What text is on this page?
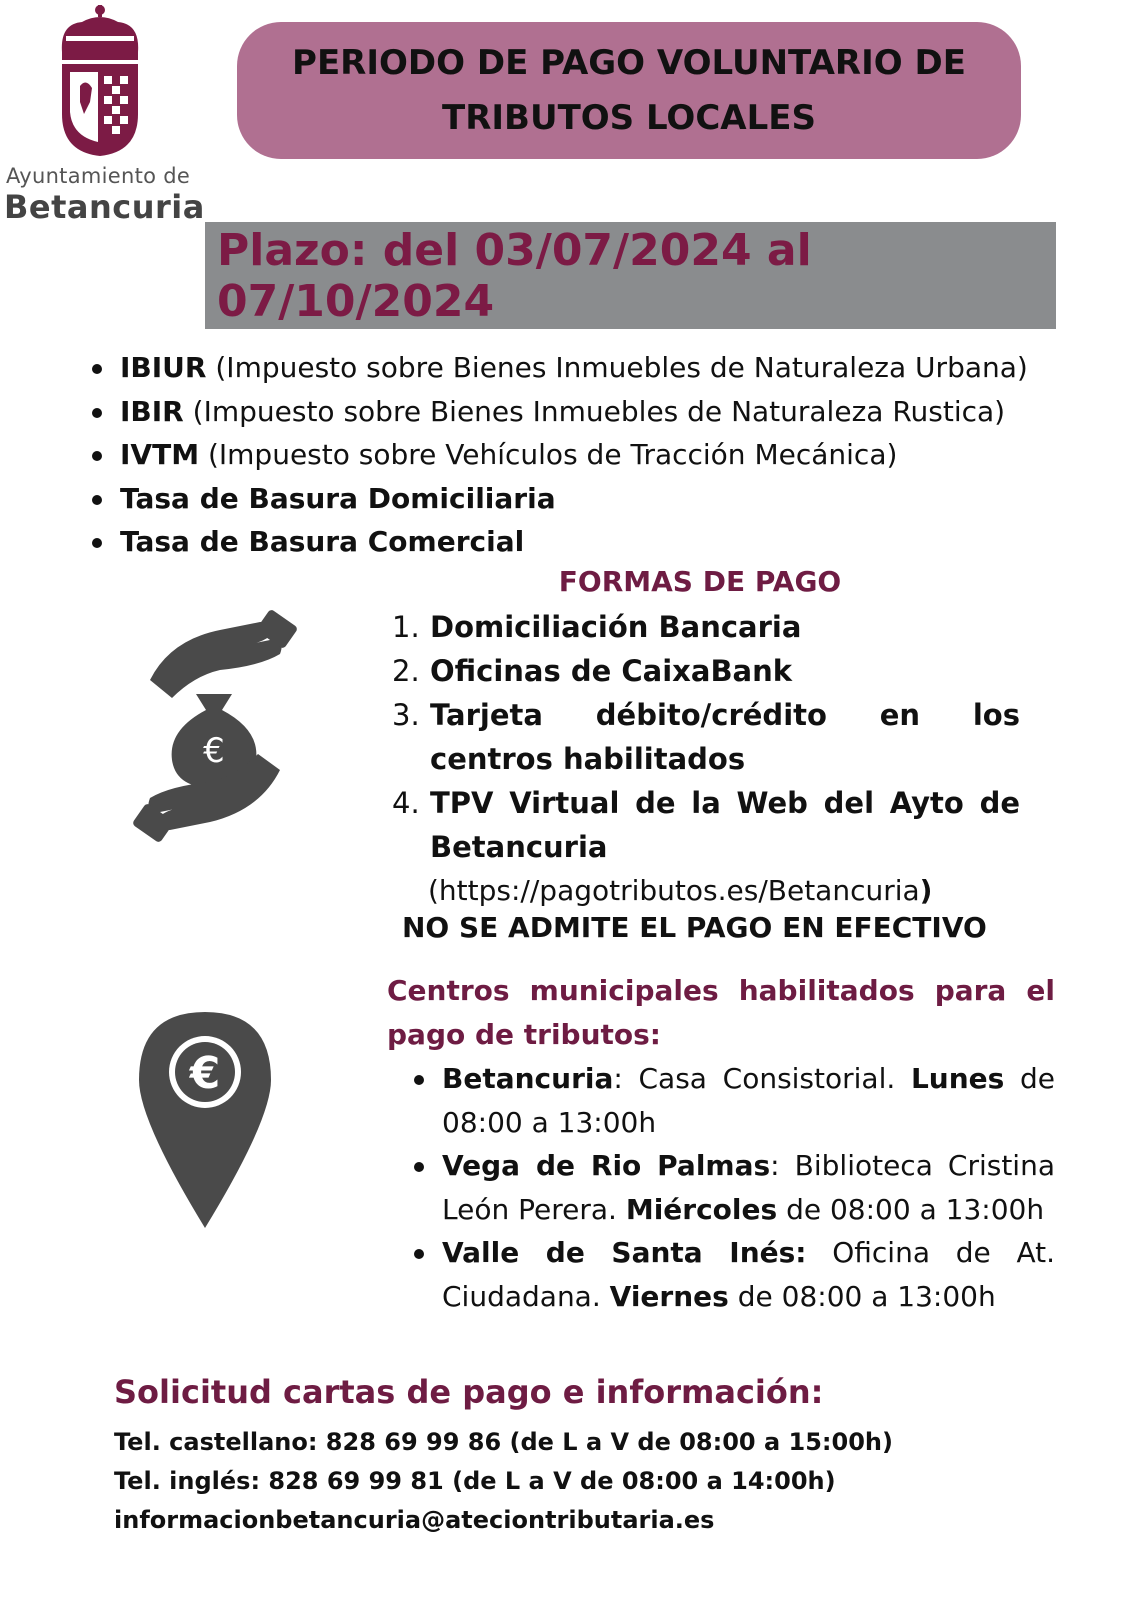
Ayuntamiento de
Betancuria
PERIODO DE PAGO VOLUNTARIO DE
TRIBUTOS LOCALES
Plazo: del 03/07/2024 al 07/10/2024
IBIUR (Impuesto sobre Bienes Inmuebles de Naturaleza Urbana)
IBIR (Impuesto sobre Bienes Inmuebles de Naturaleza Rustica)
IVTM (Impuesto sobre Vehículos de Tracción Mecánica)
Tasa de Basura Domiciliaria
Tasa de Basura Comercial
FORMAS DE PAGO
€
1. Domiciliación Bancaria
2. Oficinas de CaixaBank
3. Tarjeta débito/crédito en los
centros habilitados
4. TPV Virtual de la Web del Ayto de
Betancuria
(https://pagotributos.es/Betancuria)
NO SE ADMITE EL PAGO EN EFECTIVO
Centros municipales habilitados para el pago de tributos:
€	Betancuria: Casa Consistorial. Lunes de 08:00 a 13:00h
Vega de Rio Palmas: Biblioteca Cristina León Perera. Miércoles de 08:00 a 13:00h
Valle de Santa Inés: Oficina de At. Ciudadana. Viernes de 08:00 a 13:00h
Solicitud cartas de pago e información:
Tel. castellano: 828 69 99 86 (de L a V de 08:00 a 15:00h)
Tel. inglés: 828 69 99 81 (de L a V de 08:00 a 14:00h)
informacionbetancuria@ateciontributaria.es
